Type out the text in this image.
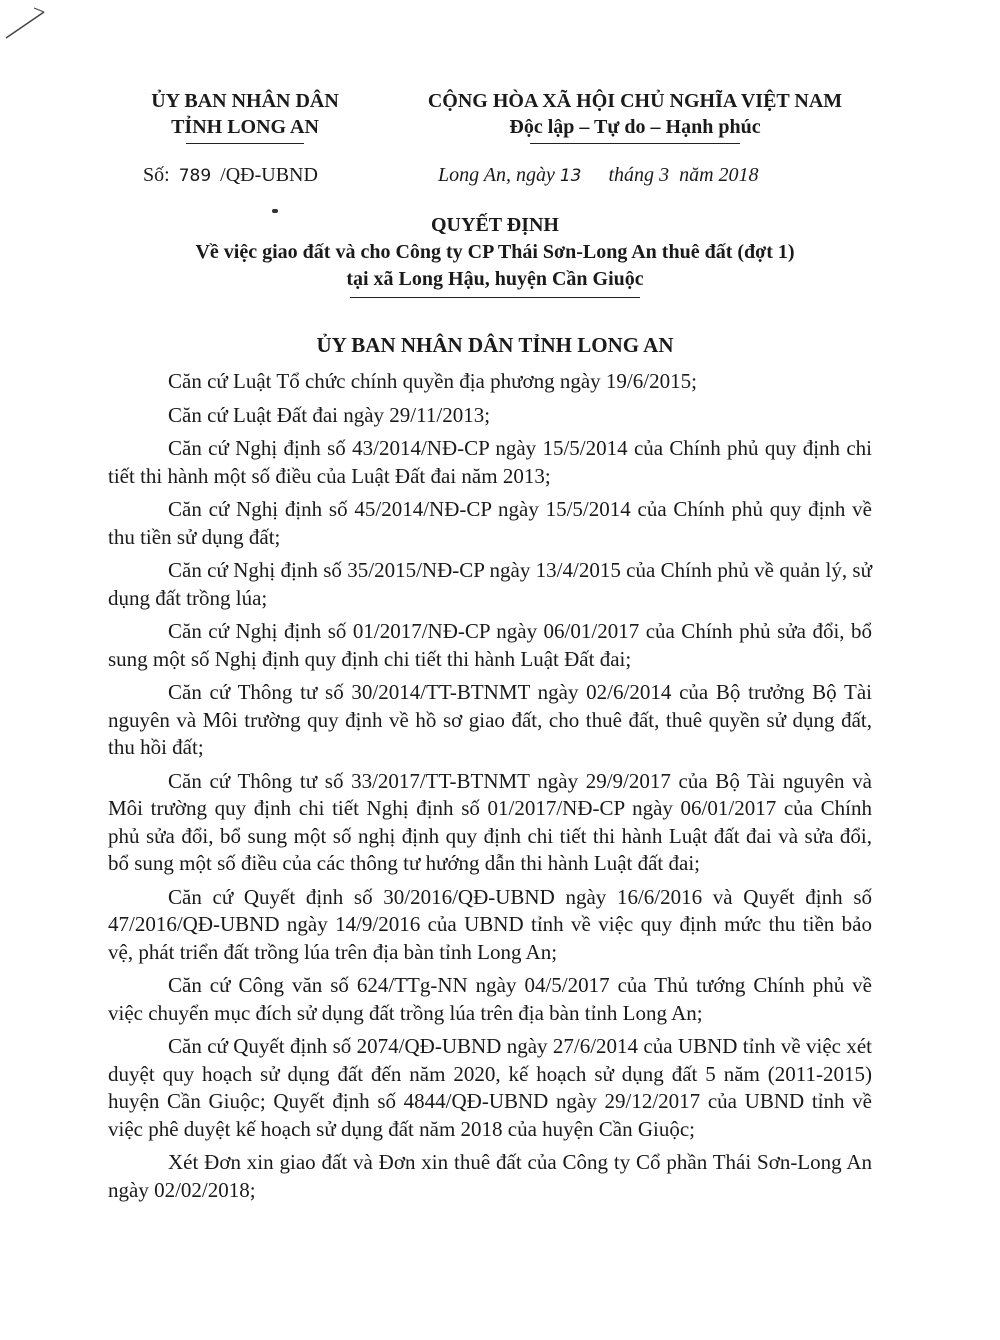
ỦY BAN NHÂN DÂN
TỈNH LONG AN
CỘNG HÒA XÃ HỘI CHỦ NGHĨA VIỆT NAM
Độc lập – Tự do – Hạnh phúc
Số: 789 /QĐ-UBND	Long An, ngày 13 tháng 3 năm 2018
QUYẾT ĐỊNH
Về việc giao đất và cho Công ty CP Thái Sơn-Long An thuê đất (đợt 1)
tại xã Long Hậu, huyện Cần Giuộc
ỦY BAN NHÂN DÂN TỈNH LONG AN

Căn cứ Luật Tổ chức chính quyền địa phương ngày 19/6/2015;

Căn cứ Luật Đất đai ngày 29/11/2013;

Căn cứ Nghị định số 43/2014/NĐ-CP ngày 15/5/2014 của Chính phủ quy định chi tiết thi hành một số điều của Luật Đất đai năm 2013;

Căn cứ Nghị định số 45/2014/NĐ-CP ngày 15/5/2014 của Chính phủ quy định về thu tiền sử dụng đất;

Căn cứ Nghị định số 35/2015/NĐ-CP ngày 13/4/2015 của Chính phủ về quản lý, sử dụng đất trồng lúa;

Căn cứ Nghị định số 01/2017/NĐ-CP ngày 06/01/2017 của Chính phủ sửa đổi, bổ sung một số Nghị định quy định chi tiết thi hành Luật Đất đai;

Căn cứ Thông tư số 30/2014/TT-BTNMT ngày 02/6/2014 của Bộ trưởng Bộ Tài nguyên và Môi trường quy định về hồ sơ giao đất, cho thuê đất, thuê quyền sử dụng đất, thu hồi đất;

Căn cứ Thông tư số 33/2017/TT-BTNMT ngày 29/9/2017 của Bộ Tài nguyên và Môi trường quy định chi tiết Nghị định số 01/2017/NĐ-CP ngày 06/01/2017 của Chính phủ sửa đổi, bổ sung một số nghị định quy định chi tiết thi hành Luật đất đai và sửa đổi, bổ sung một số điều của các thông tư hướng dẫn thi hành Luật đất đai;

Căn cứ Quyết định số 30/2016/QĐ-UBND ngày 16/6/2016 và Quyết định số 47/2016/QĐ-UBND ngày 14/9/2016 của UBND tỉnh về việc quy định mức thu tiền bảo vệ, phát triển đất trồng lúa trên địa bàn tỉnh Long An;

Căn cứ Công văn số 624/TTg-NN ngày 04/5/2017 của Thủ tướng Chính phủ về việc chuyển mục đích sử dụng đất trồng lúa trên địa bàn tỉnh Long An;

Căn cứ Quyết định số 2074/QĐ-UBND ngày 27/6/2014 của UBND tỉnh về việc xét duyệt quy hoạch sử dụng đất đến năm 2020, kế hoạch sử dụng đất 5 năm (2011-2015) huyện Cần Giuộc; Quyết định số 4844/QĐ-UBND ngày 29/12/2017 của UBND tỉnh về việc phê duyệt kế hoạch sử dụng đất năm 2018 của huyện Cần Giuộc;

Xét Đơn xin giao đất và Đơn xin thuê đất của Công ty Cổ phần Thái Sơn-Long An ngày 02/02/2018;
